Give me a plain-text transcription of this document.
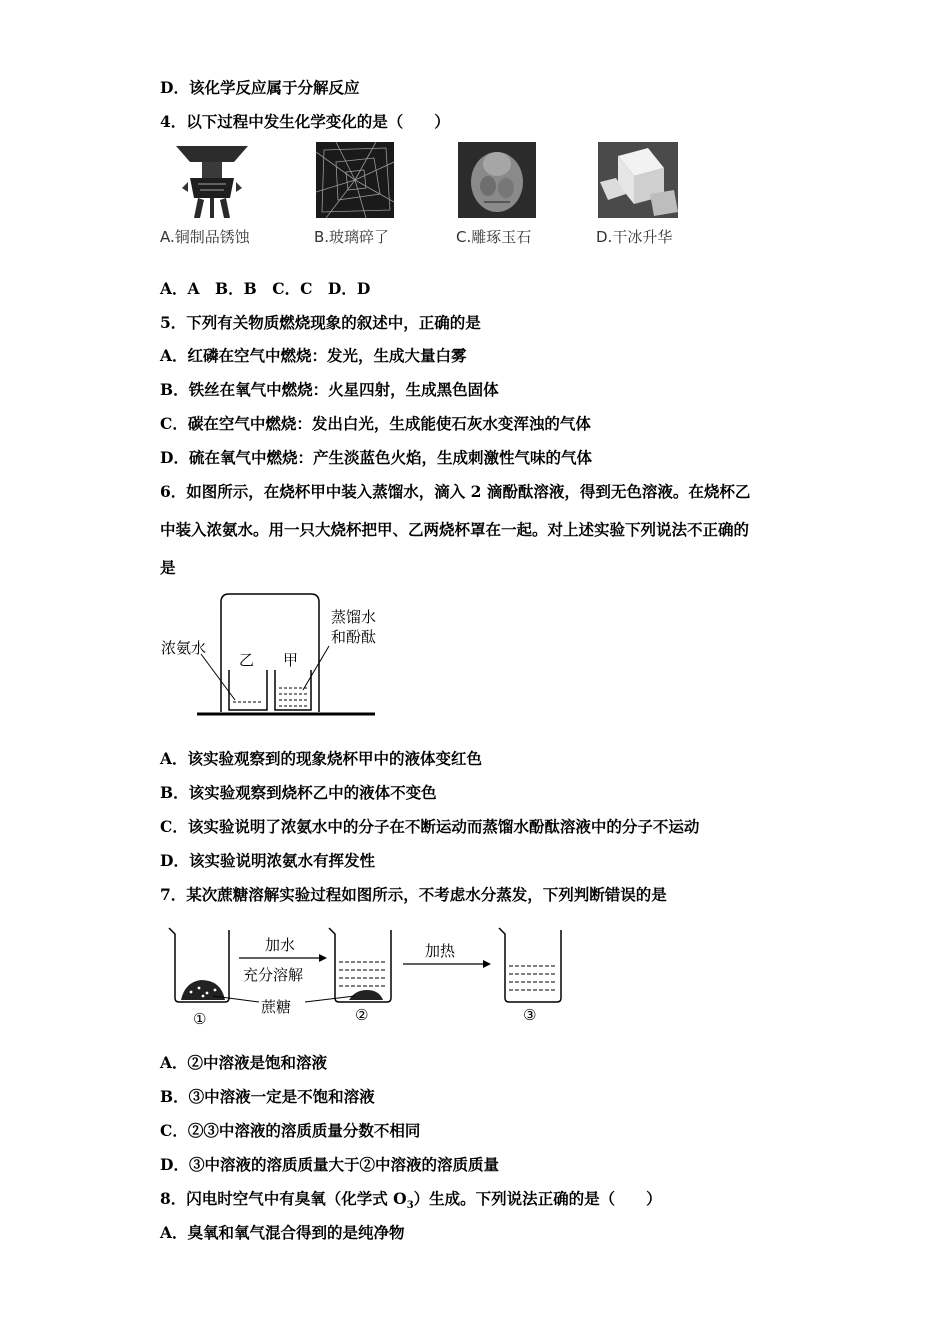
D．该化学反应属于分解反应
4．以下过程中发生化学变化的是（　　）
A.铜制品锈蚀	B.玻璃碎了	C.雕琢玉石	D.干冰升华
A．A　B．B　C．C　D．D
5．下列有关物质燃烧现象的叙述中，正确的是
A．红磷在空气中燃烧：发光，生成大量白雾
B．铁丝在氧气中燃烧：火星四射，生成黑色固体
C．碳在空气中燃烧：发出白光，生成能使石灰水变浑浊的气体
D．硫在氧气中燃烧：产生淡蓝色火焰，生成刺激性气味的气体
6．如图所示，在烧杯甲中装入蒸馏水，滴入 2 滴酚酞溶液，得到无色溶液。在烧杯乙
中装入浓氨水。用一只大烧杯把甲、乙两烧杯罩在一起。对上述实验下列说法不正确的
是
浓氨水
乙 甲
蒸馏水
和酚酞
A．该实验观察到的现象烧杯甲中的液体变红色
B．该实验观察到烧杯乙中的液体不变色
C．该实验说明了浓氨水中的分子在不断运动而蒸馏水酚酞溶液中的分子不运动
D．该实验说明浓氨水有挥发性
7．某次蔗糖溶解实验过程如图所示，不考虑水分蒸发，下列判断错误的是
加水
充分溶解
蔗糖
加热
①	②	③
A．②中溶液是饱和溶液
B．③中溶液一定是不饱和溶液
C．②③中溶液的溶质质量分数不相同
D．③中溶液的溶质质量大于②中溶液的溶质质量
8．闪电时空气中有臭氧（化学式 $O_3$）生成。下列说法正确的是（　　）
A．臭氧和氧气混合得到的是纯净物
